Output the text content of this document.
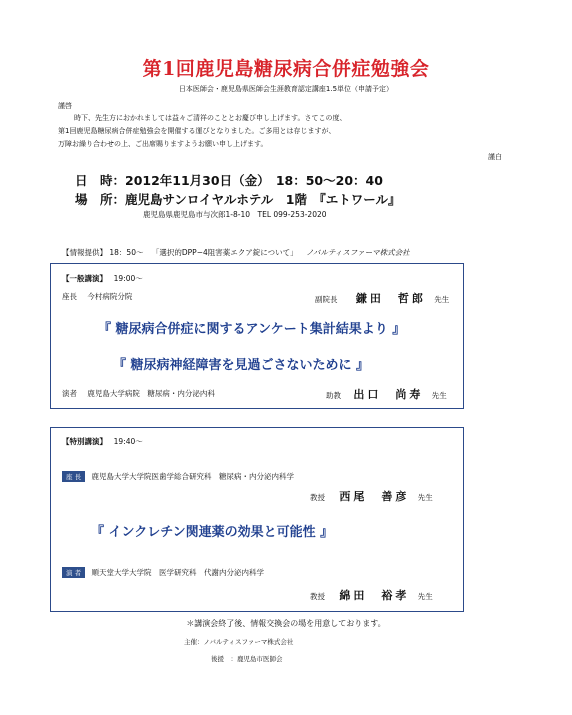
第1回鹿児島糖尿病合併症勉強会
日本医師会・鹿児島県医師会生涯教育認定講座1.5単位（申請予定）
謹啓
時下、先生方におかれましては益々ご清祥のこととお慶び申し上げます。さてこの度、
第1回鹿児島糖尿病合併症勉強会を開催する運びとなりました。ご多用とは存じますが、
万障お繰り合わせの上、ご出席賜りますようお願い申し上げます。
謹白
日　時：2012年11月30日（金）　18：50～20：40
場　所：鹿児島サンロイヤルホテル　1階　『エトワール』
鹿児島県鹿児島市与次郎1-8-10　TEL 099-253-2020
【情報提供】 18：50～ 「選択的DPP−4阻害薬エクア錠について」 ノバルティスファーマ株式会社
【一般講演】 19:00～
座長 今村病院分院	副院長 鎌田　哲郎 先生
『 糖尿病合併症に関するアンケート集計結果より 』
『 糖尿病神経障害を見過ごさないために 』
演者 鹿児島大学病院　糖尿病・内分泌内科	助教 出口　尚寿 先生
【特別講演】 19:40～
座 長 鹿児島大学大学院医歯学総合研究科　糖尿病・内分泌内科学
教授 西尾　善彦 先生
『 インクレチン関連薬の効果と可能性 』
演 者 順天堂大学大学院　医学研究科　代謝内分泌内科学
教授 綿田　裕孝 先生
＊講演会終了後、情報交換会の場を用意しております。
主催：ノバルティスファーマ株式会社
後援　：鹿児島市医師会
